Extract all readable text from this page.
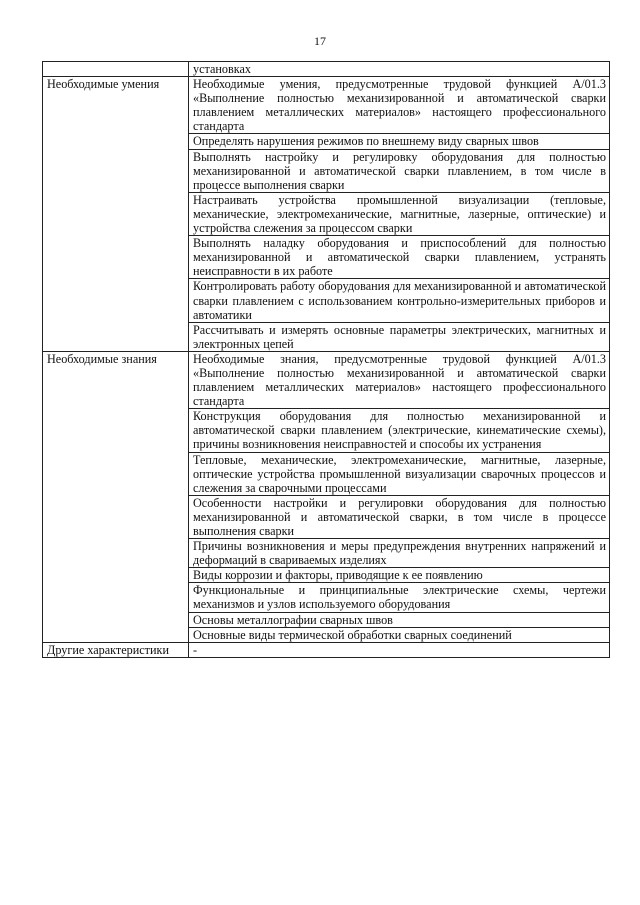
17
	установках
Необходимые умения	Необходимые умения, предусмотренные трудовой функцией A/01.3 «Выполнение полностью механизированной и автоматической сварки плавлением металлических материалов» настоящего профессионального стандарта
	Определять нарушения режимов по внешнему виду сварных швов
	Выполнять настройку и регулировку оборудования для полностью механизированной и автоматической сварки плавлением, в том числе в процессе выполнения сварки
	Настраивать устройства промышленной визуализации (тепловые, механические, электромеханические, магнитные, лазерные, оптические) и устройства слежения за процессом сварки
	Выполнять наладку оборудования и приспособлений для полностью механизированной и автоматической сварки плавлением, устранять неисправности в их работе
	Контролировать работу оборудования для механизированной и автоматической сварки плавлением с использованием контрольно-измерительных приборов и автоматики
	Рассчитывать и измерять основные параметры электрических, магнитных и электронных цепей
Необходимые знания	Необходимые знания, предусмотренные трудовой функцией A/01.3 «Выполнение полностью механизированной и автоматической сварки плавлением металлических материалов» настоящего профессионального стандарта
	Конструкция оборудования для полностью механизированной и автоматической сварки плавлением (электрические, кинематические схемы), причины возникновения неисправностей и способы их устранения
	Тепловые, механические, электромеханические, магнитные, лазерные, оптические устройства промышленной визуализации сварочных процессов и слежения за сварочными процессами
	Особенности настройки и регулировки оборудования для полностью механизированной и автоматической сварки, в том числе в процессе выполнения сварки
	Причины возникновения и меры предупреждения внутренних напряжений и деформаций в свариваемых изделиях
	Виды коррозии и факторы, приводящие к ее появлению
	Функциональные и принципиальные электрические схемы, чертежи механизмов и узлов используемого оборудования
	Основы металлографии сварных швов
	Основные виды термической обработки сварных соединений
Другие характеристики	-
